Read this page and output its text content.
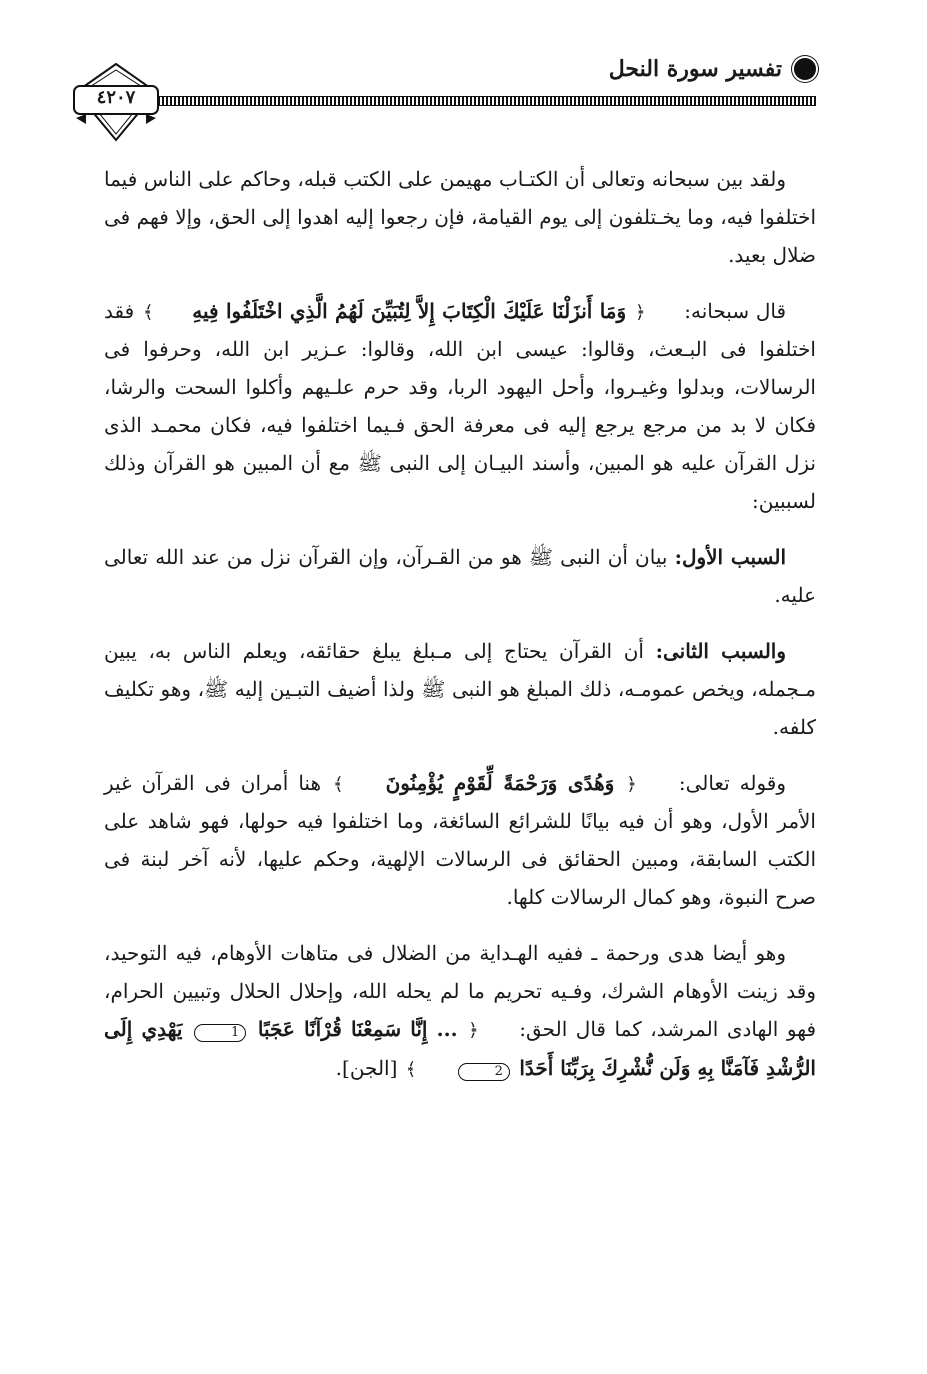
تفسير سورة النحل
٤٢٠٧

ولقد بين سبحانه وتعالى أن الكتـاب مهيمن على الكتب قبله، وحاكم على الناس فيما اختلفوا فيه، وما يخـتلفون إلى يوم القيامة، فإن رجعوا إليه اهدوا إلى الحق، وإلا فهم فى ضلال بعيد.

قال سبحانه: ﴿ وَمَا أَنزَلْنَا عَلَيْكَ الْكِتَابَ إِلاَّ لِتُبَيِّنَ لَهُمُ الَّذِي اخْتَلَفُوا فِيهِ ﴾ فقد اختلفوا فى البـعث، وقالوا: عيسى ابن الله، وقالوا: عـزير ابن الله، وحرفوا فى الرسالات، وبدلوا وغيـروا، وأحل اليهود الربا، وقد حرم علـيهم وأكلوا السحت والرشا، فكان لا بد من مرجع يرجع إليه فى معرفة الحق فـيما اختلفوا فيه، فكان محمـد الذى نزل القرآن عليه هو المبين، وأسند البيـان إلى النبى ﷺ مع أن المبين هو القرآن وذلك لسببين:

السبب الأول: بيان أن النبى ﷺ هو من القـرآن، وإن القرآن نزل من عند الله تعالى عليه.

والسبب الثانى: أن القرآن يحتاج إلى مـبلغ يبلغ حقائقه، ويعلم الناس به، يبين مـجمله، ويخص عمومـه، ذلك المبلغ هو النبى ﷺ ولذا أضيف التبـين إليه ﷺ، وهو تكليف كلفه.

وقوله تعالى: ﴿ وَهُدًى وَرَحْمَةً لِّقَوْمٍ يُؤْمِنُونَ ﴾ هنا أمران فى القرآن غير الأمر الأول، وهو أن فيه بيانًا للشرائع السائغة، وما اختلفوا فيه حولها، فهو شاهد على الكتب السابقة، ومبين الحقائق فى الرسالات الإلهية، وحكم عليها، لأنه آخر لبنة فى صرح النبوة، وهو كمال الرسالات كلها.

وهو أيضا هدى ورحمة ـ ففيه الهـداية من الضلال فى متاهات الأوهام، فيه التوحيد، وقد زينت الأوهام الشرك، وفـيه تحريم ما لم يحله الله، وإحلال الحلال وتبيين الحرام، فهو الهادى المرشد، كما قال الحق: ﴿ ... إِنَّا سَمِعْنَا قُرْآنًا عَجَبًا 1 يَهْدِي إِلَى الرُّشْدِ فَآمَنَّا بِهِ وَلَن نُّشْرِكَ بِرَبِّنَا أَحَدًا 2 ﴾ [الجن].
